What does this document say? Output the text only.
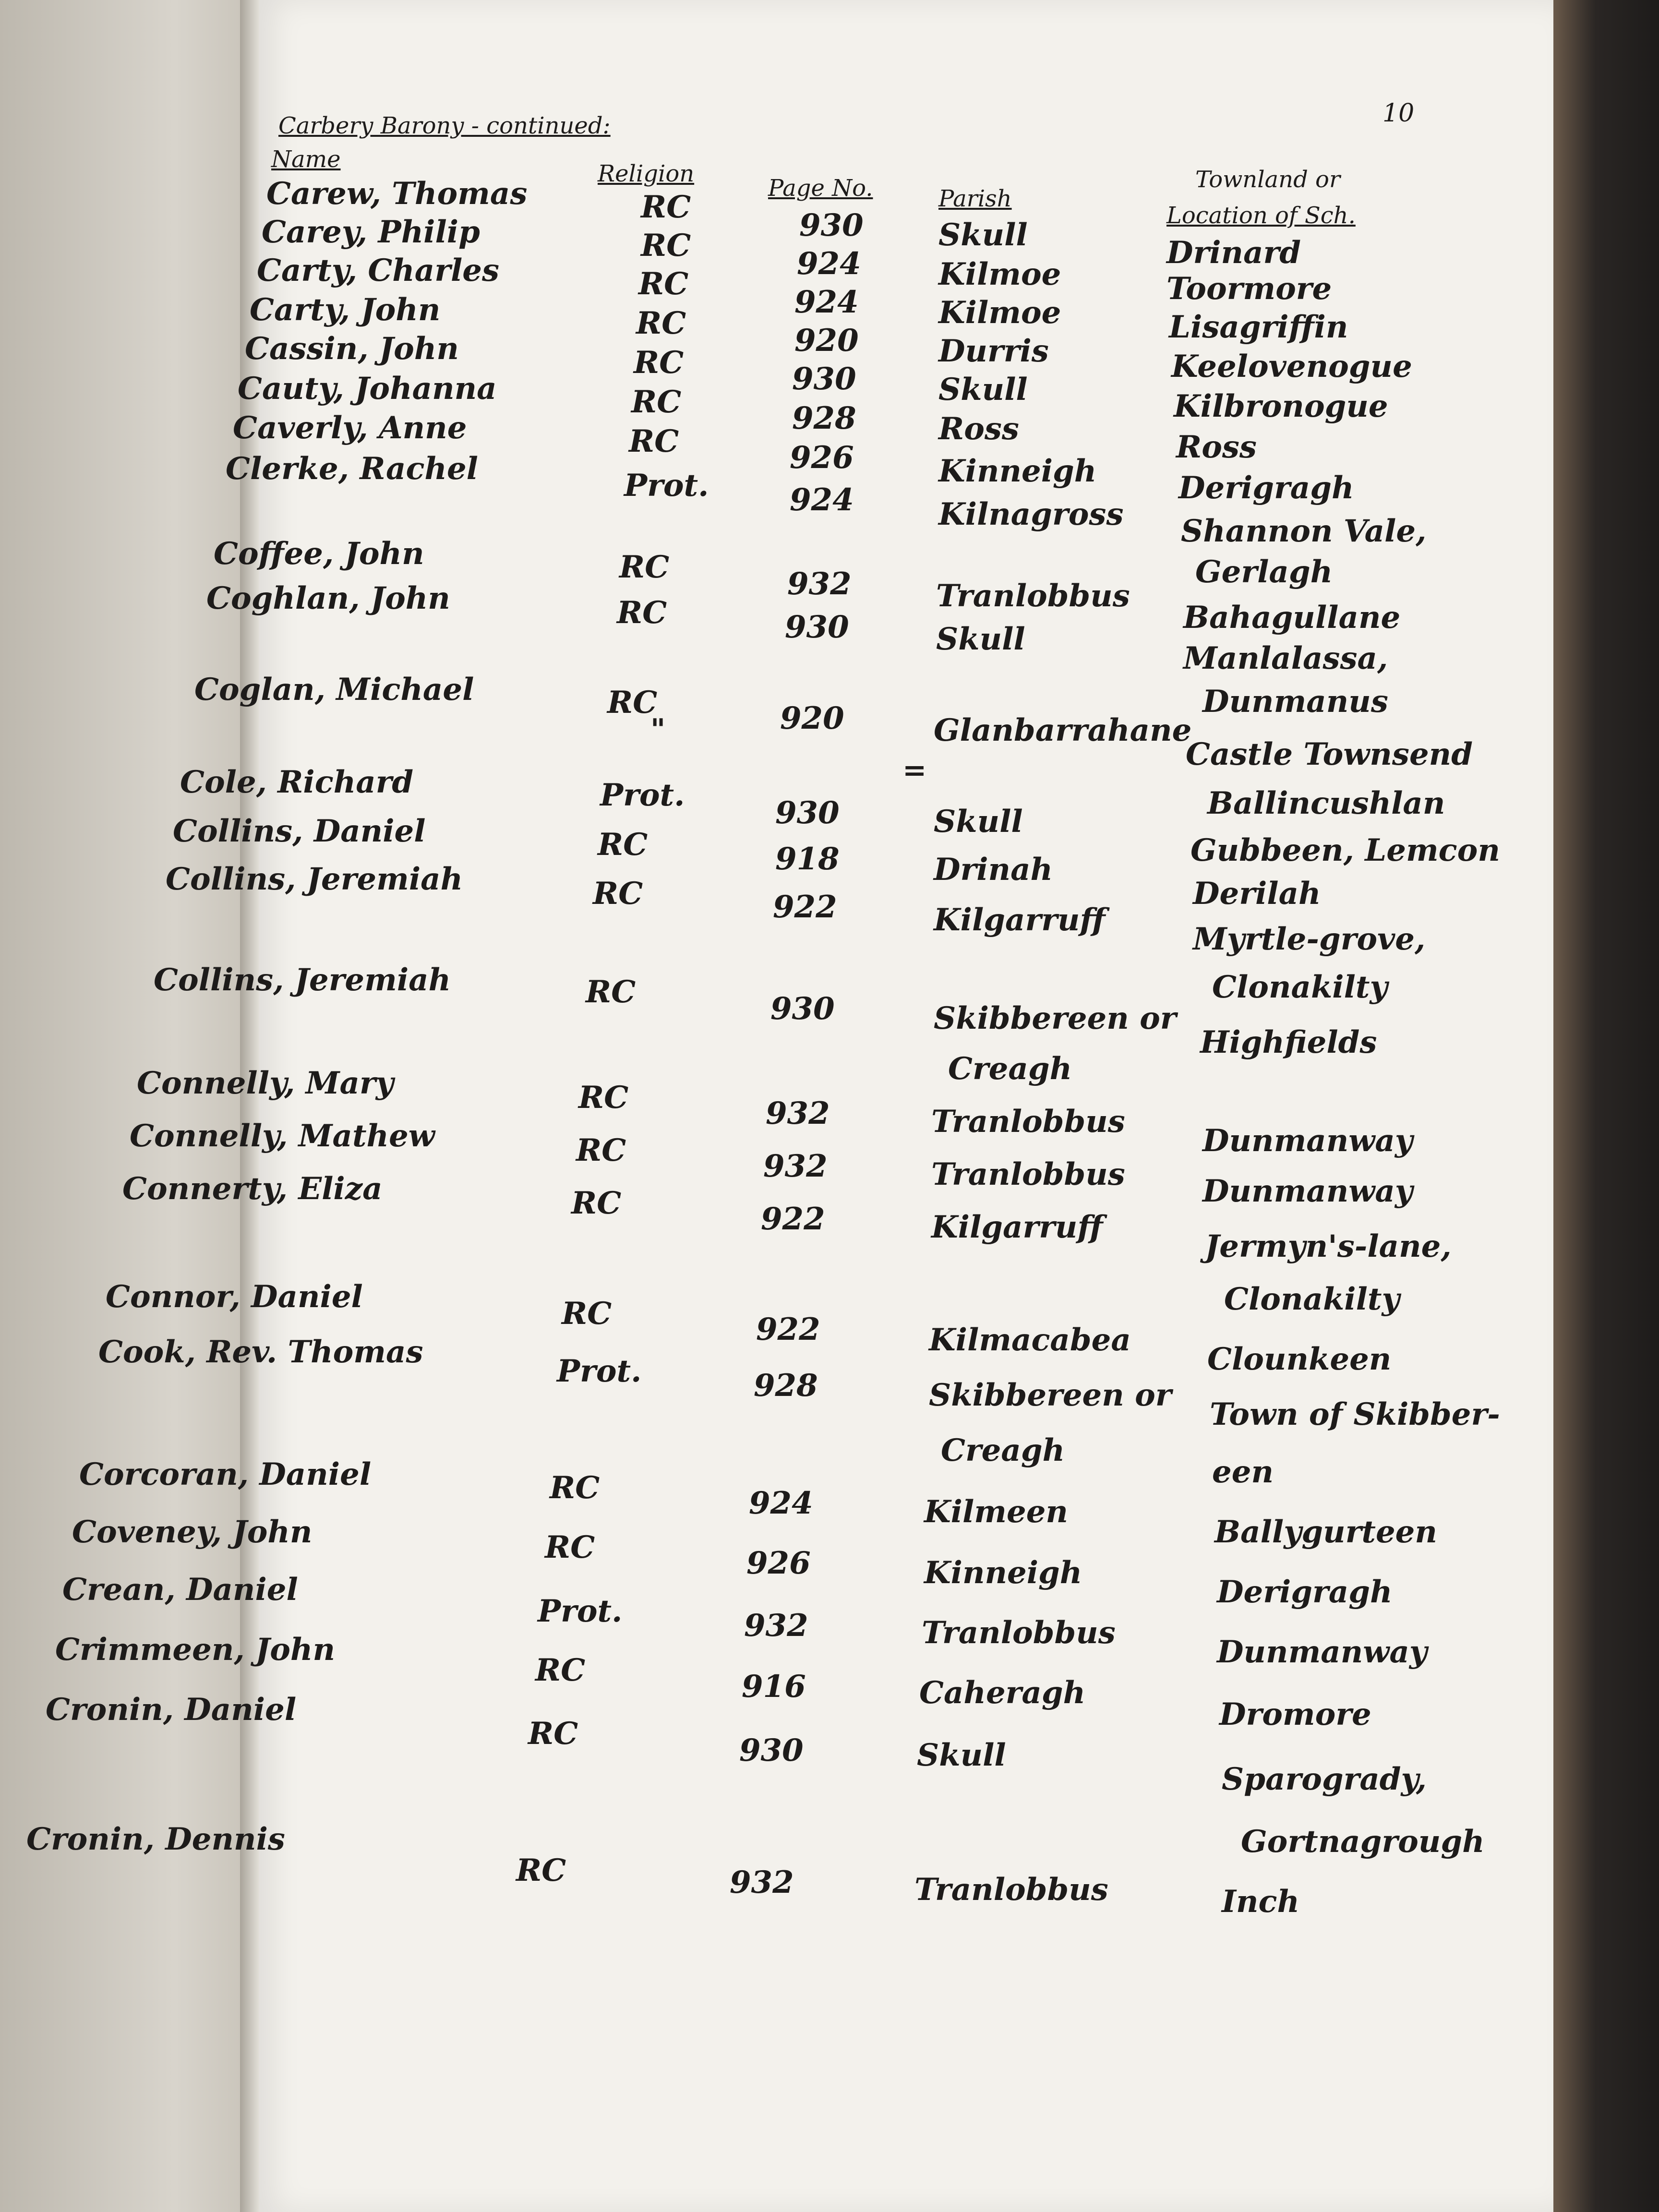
Carbery Barony - continued:	10
Name
Religion
Page No.	Parish
Townland or
Location of Sch.
Carew, Thomas
Carey, Philip
Carty, Charles
Carty, John
Cassin, John
Cauty, Johanna
Caverly, Anne
Clerke, Rachel
Coffee, John
Coghlan, John
Coglan, Michael
Cole, Richard
Collins, Daniel
Collins, Jeremiah
Collins, Jeremiah
Connelly, Mary
Connelly, Mathew
Connerty, Eliza
Connor, Daniel
Cook, Rev. Thomas
Corcoran, Daniel
Coveney, John
Crean, Daniel
Crimmeen, John
Cronin, Daniel
Cronin, Dennis
RC
RC
RC
RC
RC
RC
RC
Prot.
RC
RC
RC
"
Prot.
RC
RC
RC
RC
RC
RC
RC
Prot.
RC
RC
Prot.
RC
RC
RC
930
924
924
920
930
928
926
924
932
930
920
930
918
922
930
932
932
922
922
928
924
926
932
916
930
932
Skull
Kilmoe
Kilmoe
Durris
Skull
Ross
Kinneigh
Kilnagross
Tranlobbus
Skull
Glanbarrahane
=
Skull
Drinah
Kilgarruff
Skibbereen or
Creagh
Tranlobbus
Tranlobbus
Kilgarruff
Kilmacabea
Skibbereen or
Creagh
Kilmeen
Kinneigh
Tranlobbus
Caheragh
Skull
Tranlobbus
Drinard
Toormore
Lisagriffin
Keelovenogue
Kilbronogue
Ross
Derigragh
Shannon Vale,
Gerlagh
Bahagullane
Manlalassa,
Dunmanus
Castle Townsend
Ballincushlan
Gubbeen, Lemcon
Derilah
Myrtle-grove,
Clonakilty
Highfields
Dunmanway
Dunmanway
Jermyn's-lane,
Clonakilty
Clounkeen
Town of Skibber-
een
Ballygurteen
Derigragh
Dunmanway
Dromore
Sparogrady,
Gortnagrough
Inch
